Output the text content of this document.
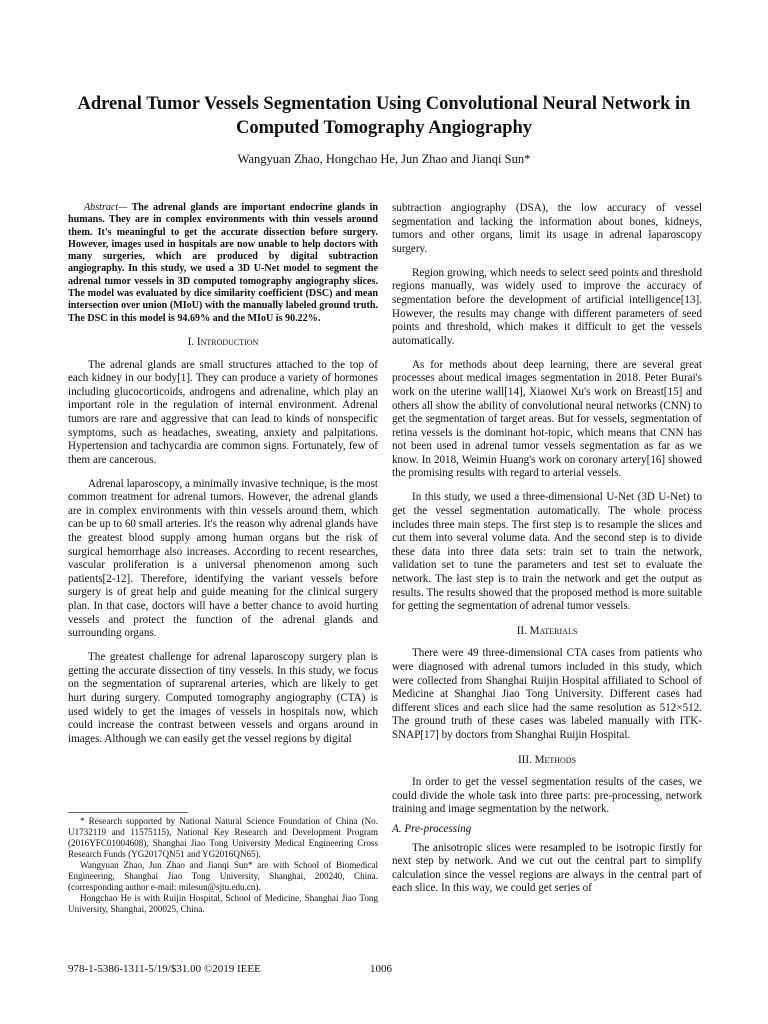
Adrenal Tumor Vessels Segmentation Using Convolutional Neural Network in Computed Tomography Angiography
Wangyuan Zhao, Hongchao He, Jun Zhao and Jianqi Sun*

Abstract— The adrenal glands are important endocrine glands in humans. They are in complex environments with thin vessels around them. It's meaningful to get the accurate dissection before surgery. However, images used in hospitals are now unable to help doctors with many surgeries, which are produced by digital subtraction angiography. In this study, we used a 3D U-Net model to segment the adrenal tumor vessels in 3D computed tomography angiography slices. The model was evaluated by dice similarity coefficient (DSC) and mean intersection over union (MIoU) with the manually labeled ground truth. The DSC in this model is 94.69% and the MIoU is 90.22%.

I. Introduction

The adrenal glands are small structures attached to the top of each kidney in our body[1]. They can produce a variety of hormones including glucocorticoids, androgens and adrenaline, which play an important role in the regulation of internal environment. Adrenal tumors are rare and aggressive that can lead to kinds of nonspecific symptoms, such as headaches, sweating, anxiety and palpitations. Hypertension and tachycardia are common signs. Fortunately, few of them are cancerous.

Adrenal laparoscopy, a minimally invasive technique, is the most common treatment for adrenal tumors. However, the adrenal glands are in complex environments with thin vessels around them, which can be up to 60 small arteries. It's the reason why adrenal glands have the greatest blood supply among human organs but the risk of surgical hemorrhage also increases. According to recent researches, vascular proliferation is a universal phenomenon among such patients[2-12]. Therefore, identifying the variant vessels before surgery is of great help and guide meaning for the clinical surgery plan. In that case, doctors will have a better chance to avoid hurting vessels and protect the function of the adrenal glands and surrounding organs.

The greatest challenge for adrenal laparoscopy surgery plan is getting the accurate dissection of tiny vessels. In this study, we focus on the segmentation of suprarenal arteries, which are likely to get hurt during surgery. Computed tomography angiography (CTA) is used widely to get the images of vessels in hospitals now, which could increase the contrast between vessels and organs around in images. Although we can easily get the vessel regions by digital

* Research supported by National Natural Science Foundation of China (No. U1732119 and 11575115), National Key Research and Development Program (2016YFC01004608), Shanghai Jiao Tong University Medical Engineering Cross Research Funds (YG2017QN51 and YG2016QN65).

Wangyuan Zhao, Jun Zhao and Jianqi Sun* are with School of Biomedical Engineering, Shanghai Jiao Tong University, Shanghai, 200240, China. (corresponding author e-mail: milesun@sjtu.edu.cn).

Hongchao He is with Ruijin Hospital, School of Medicine, Shanghai Jiao Tong University, Shanghai, 200025, China.

subtraction angiography (DSA), the low accuracy of vessel segmentation and lacking the information about bones, kidneys, tumors and other organs, limit its usage in adrenal laparoscopy surgery.

Region growing, which needs to select seed points and threshold regions manually, was widely used to improve the accuracy of segmentation before the development of artificial intelligence[13]. However, the results may change with different parameters of seed points and threshold, which makes it difficult to get the vessels automatically.

As for methods about deep learning, there are several great processes about medical images segmentation in 2018. Peter Burai's work on the uterine wall[14], Xiaowei Xu's work on Breast[15] and others all show the ability of convolutional neural networks (CNN) to get the segmentation of target areas. But for vessels, segmentation of retina vessels is the dominant hot-topic, which means that CNN has not been used in adrenal tumor vessels segmentation as far as we know. In 2018, Weimin Huang's work on coronary artery[16] showed the promising results with regard to arterial vessels.

In this study, we used a three-dimensional U-Net (3D U-Net) to get the vessel segmentation automatically. The whole process includes three main steps. The first step is to resample the slices and cut them into several volume data. And the second step is to divide these data into three data sets: train set to train the network, validation set to tune the parameters and test set to evaluate the network. The last step is to train the network and get the output as results. The results showed that the proposed method is more suitable for getting the segmentation of adrenal tumor vessels.

II. Materials

There were 49 three-dimensional CTA cases from patients who were diagnosed with adrenal tumors included in this study, which were collected from Shanghai Ruijin Hospital affiliated to School of Medicine at Shanghai Jiao Tong University. Different cases had different slices and each slice had the same resolution as 512×512. The ground truth of these cases was labeled manually with ITK-SNAP[17] by doctors from Shanghai Ruijin Hospital.

III. Methods

In order to get the vessel segmentation results of the cases, we could divide the whole task into three parts: pre-processing, network training and image segmentation by the network.

A. Pre-processing

The anisotropic slices were resampled to be isotropic firstly for next step by network. And we cut out the central part to simplify calculation since the vessel regions are always in the central part of each slice. In this way, we could get series of

978-1-5386-1311-5/19/$31.00 ©2019 IEEE	1006
